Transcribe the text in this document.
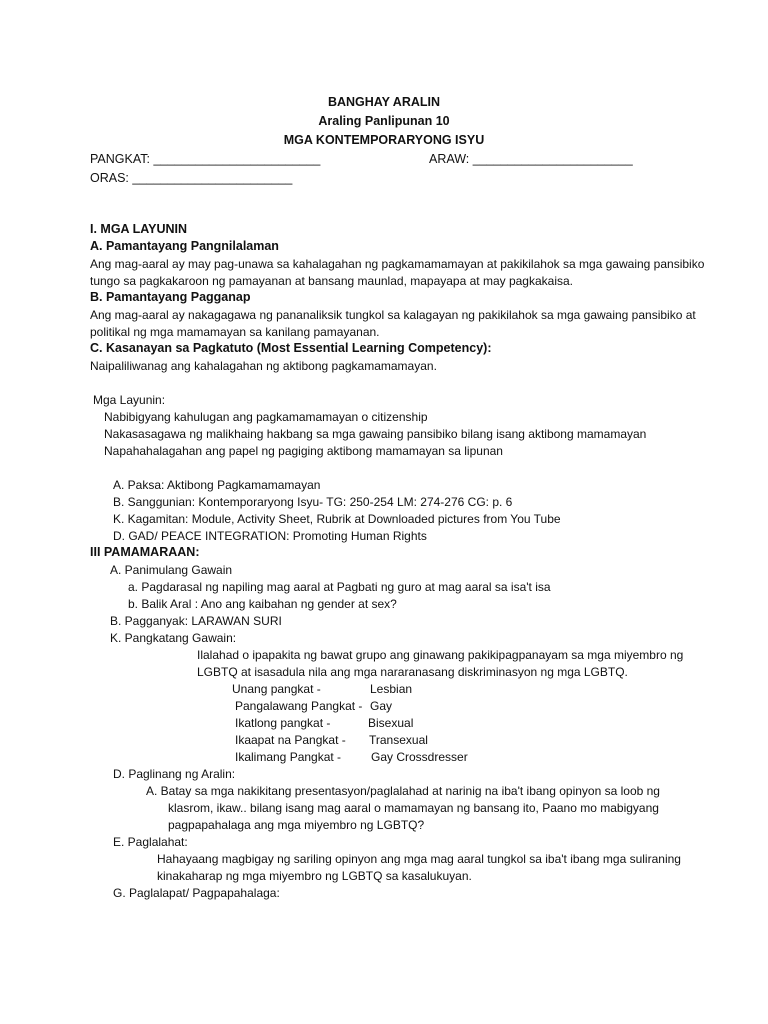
BANGHAY ARALIN
Araling Panlipunan 10
MGA KONTEMPORARYONG ISYU
PANGKAT: ________________________	ARAW: _______________________
ORAS: _______________________
I. MGA LAYUNIN
A. Pamantayang Pangnilalaman
Ang mag-aaral ay may pag-unawa sa kahalagahan ng pagkamamamayan at pakikilahok sa mga gawaing pansibiko
tungo sa pagkakaroon ng pamayanan at bansang maunlad, mapayapa at may pagkakaisa.
B. Pamantayang Pagganap
Ang mag-aaral ay nakagagawa ng pananaliksik tungkol sa kalagayan ng pakikilahok sa mga gawaing pansibiko at
politikal ng mga mamamayan sa kanilang pamayanan.
C. Kasanayan sa Pagkatuto (Most Essential Learning Competency):
Naipaliliwanag ang kahalagahan ng aktibong pagkamamamayan.
Mga Layunin:
Nabibigyang kahulugan ang pagkamamamayan o citizenship
Nakasasagawa ng malikhaing hakbang sa mga gawaing pansibiko bilang isang aktibong mamamayan
Napahahalagahan ang papel ng pagiging aktibong mamamayan sa lipunan
A. Paksa: Aktibong Pagkamamamayan
B. Sanggunian: Kontemporaryong Isyu- TG: 250-254 LM: 274-276 CG: p. 6
K. Kagamitan: Module, Activity Sheet, Rubrik at Downloaded pictures from You Tube
D. GAD/ PEACE INTEGRATION: Promoting Human Rights
III PAMAMARAAN:
A. Panimulang Gawain
a. Pagdarasal ng napiling mag aaral at Pagbati ng guro at mag aaral sa isa't isa
b. Balik Aral : Ano ang kaibahan ng gender at sex?
B. Pagganyak: LARAWAN SURI
K. Pangkatang Gawain:
Ilalahad o ipapakita ng bawat grupo ang ginawang pakikipagpanayam sa mga miyembro ng
LGBTQ at isasadula nila ang mga nararanasang diskriminasyon ng mga LGBTQ.
Unang pangkat -	Lesbian
Pangalawang Pangkat - Gay
Ikatlong pangkat -	Bisexual
Ikaapat na Pangkat - Transexual
Ikalimang Pangkat - Gay Crossdresser
D. Paglinang ng Aralin:
A. Batay sa mga nakikitang presentasyon/paglalahad at narinig na iba't ibang opinyon sa loob ng
klasrom, ikaw.. bilang isang mag aaral o mamamayan ng bansang ito, Paano mo mabigyang
pagpapahalaga ang mga miyembro ng LGBTQ?
E. Paglalahat:
Hahayaang magbigay ng sariling opinyon ang mga mag aaral tungkol sa iba't ibang mga suliraning
kinakaharap ng mga miyembro ng LGBTQ sa kasalukuyan.
G. Paglalapat/ Pagpapahalaga:
